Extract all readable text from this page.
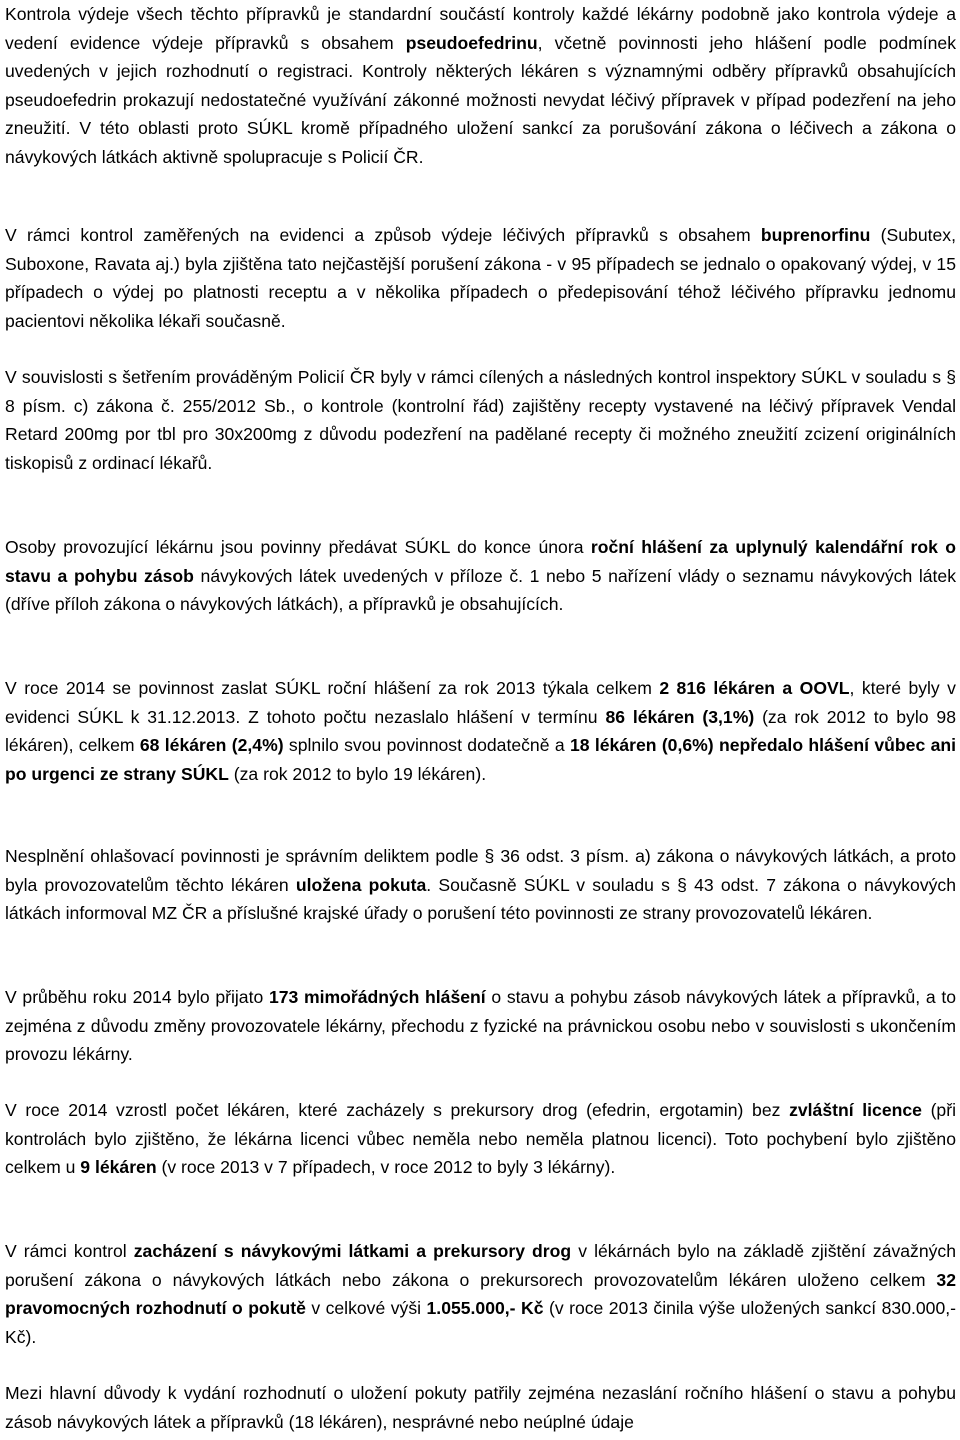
Kontrola výdeje všech těchto přípravků je standardní součástí kontroly každé lékárny podobně jako kontrola výdeje a vedení evidence výdeje přípravků s obsahem pseudoefedrinu, včetně povinnosti jeho hlášení podle podmínek uvedených v jejich rozhodnutí o registraci. Kontroly některých lékáren s významnými odběry přípravků obsahujících pseudoefedrin prokazují nedostatečné využívání zákonné možnosti nevydat léčivý přípravek v případ podezření na jeho zneužití. V této oblasti proto SÚKL kromě případného uložení sankcí za porušování zákona o léčivech a zákona o návykových látkách aktivně spolupracuje s Policií ČR.

V rámci kontrol zaměřených na evidenci a způsob výdeje léčivých přípravků s obsahem buprenorfinu (Subutex, Suboxone, Ravata aj.) byla zjištěna tato nejčastější porušení zákona - v 95 případech se jednalo o opakovaný výdej, v 15 případech o výdej po platnosti receptu a v několika případech o předepisování téhož léčivého přípravku jednomu pacientovi několika lékaři současně.

V souvislosti s šetřením prováděným Policií ČR byly v rámci cílených a následných kontrol inspektory SÚKL v souladu s § 8 písm. c) zákona č. 255/2012 Sb., o kontrole (kontrolní řád) zajištěny recepty vystavené na léčivý přípravek Vendal Retard 200mg por tbl pro 30x200mg z důvodu podezření na padělané recepty či možného zneužití zcizení originálních tiskopisů z ordinací lékařů.

Osoby provozující lékárnu jsou povinny předávat SÚKL do konce února roční hlášení za uplynulý kalendářní rok o stavu a pohybu zásob návykových látek uvedených v příloze č. 1 nebo 5 nařízení vlády o seznamu návykových látek (dříve příloh zákona o návykových látkách), a přípravků je obsahujících.

V roce 2014 se povinnost zaslat SÚKL roční hlášení za rok 2013 týkala celkem 2 816 lékáren a OOVL, které byly v evidenci SÚKL k 31.12.2013. Z tohoto počtu nezaslalo hlášení v termínu 86 lékáren (3,1%) (za rok 2012 to bylo 98 lékáren), celkem 68 lékáren (2,4%) splnilo svou povinnost dodatečně a 18 lékáren (0,6%) nepředalo hlášení vůbec ani po urgenci ze strany SÚKL (za rok 2012 to bylo 19 lékáren).

Nesplnění ohlašovací povinnosti je správním deliktem podle § 36 odst. 3 písm. a) zákona o návykových látkách, a proto byla provozovatelům těchto lékáren uložena pokuta. Současně SÚKL v souladu s § 43 odst. 7 zákona o návykových látkách informoval MZ ČR a příslušné krajské úřady o porušení této povinnosti ze strany provozovatelů lékáren.

V průběhu roku 2014 bylo přijato 173 mimořádných hlášení o stavu a pohybu zásob návykových látek a přípravků, a to zejména z důvodu změny provozovatele lékárny, přechodu z fyzické na právnickou osobu nebo v souvislosti s ukončením provozu lékárny.

V roce 2014 vzrostl počet lékáren, které zacházely s prekursory drog (efedrin, ergotamin) bez zvláštní licence (při kontrolách bylo zjištěno, že lékárna licenci vůbec neměla nebo neměla platnou licenci). Toto pochybení bylo zjištěno celkem u 9 lékáren (v roce 2013 v 7 případech, v roce 2012 to byly 3 lékárny).

V rámci kontrol zacházení s návykovými látkami a prekursory drog v lékárnách bylo na základě zjištění závažných porušení zákona o návykových látkách nebo zákona o prekursorech provozovatelům lékáren uloženo celkem 32 pravomocných rozhodnutí o pokutě v celkové výši 1.055.000,- Kč (v roce 2013 činila výše uložených sankcí 830.000,- Kč).

Mezi hlavní důvody k vydání rozhodnutí o uložení pokuty patřily zejména nezaslání ročního hlášení o stavu a pohybu zásob návykových látek a přípravků (18 lékáren), nesprávné nebo neúplné údaje
